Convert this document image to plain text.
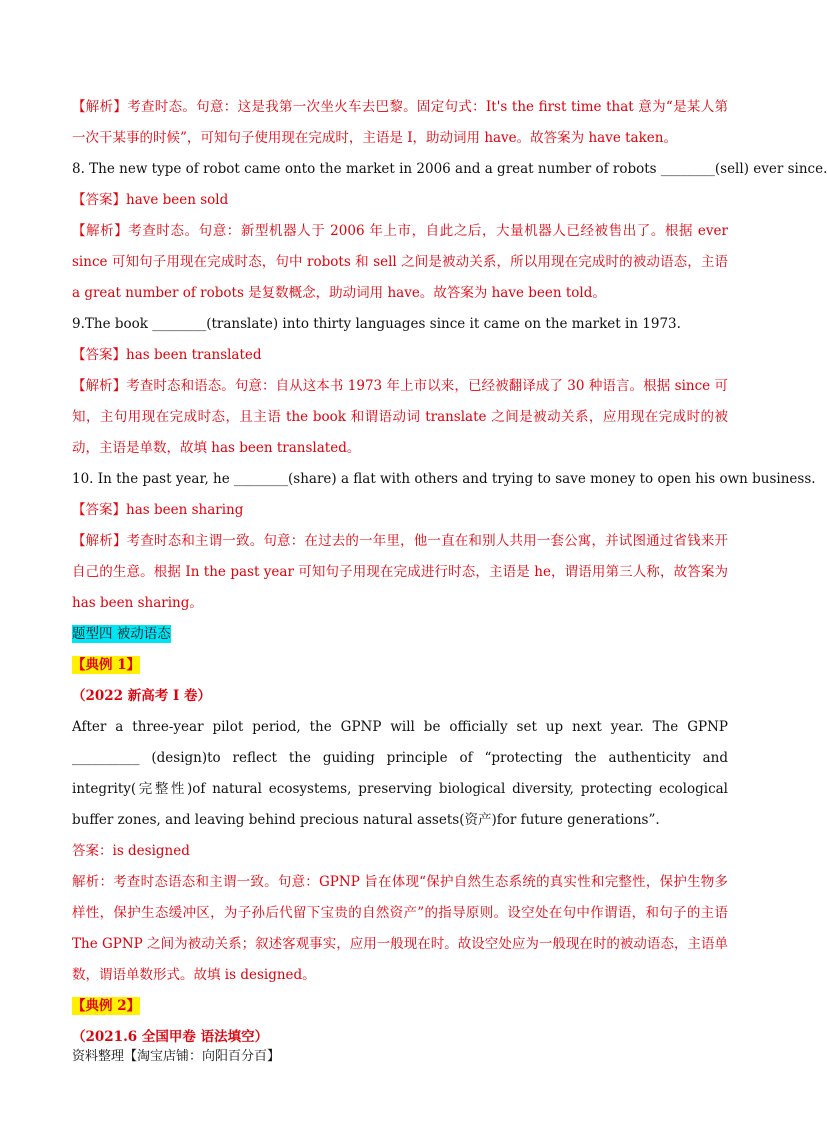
【解析】考查时态。句意：这是我第一次坐火车去巴黎。固定句式：It's the first time that 意为“是某人第一次干某事的时候”，可知句子使用现在完成时，主语是 I，助动词用 have。故答案为 have taken。
8. The new type of robot came onto the market in 2006 and a great number of robots ________(sell) ever since.
【答案】have been sold
【解析】考查时态。句意：新型机器人于 2006 年上市，自此之后，大量机器人已经被售出了。根据 ever since 可知句子用现在完成时态，句中 robots 和 sell 之间是被动关系，所以用现在完成时的被动语态，主语 a great number of robots 是复数概念，助动词用 have。故答案为 have been told。
9.The book ________(translate) into thirty languages since it came on the market in 1973.
【答案】has been translated
【解析】考查时态和语态。句意：自从这本书 1973 年上市以来，已经被翻译成了 30 种语言。根据 since 可知，主句用现在完成时态，且主语 the book 和谓语动词 translate 之间是被动关系，应用现在完成时的被动，主语是单数，故填 has been translated。
10. In the past year, he ________(share) a flat with others and trying to save money to open his own business.
【答案】has been sharing
【解析】考查时态和主谓一致。句意：在过去的一年里，他一直在和别人共用一套公寓，并试图通过省钱来开自己的生意。根据 In the past year 可知句子用现在完成进行时态，主语是 he，谓语用第三人称，故答案为 has been sharing。
题型四 被动语态
【典例 1】
（2022 新高考 I 卷）
After a three-year pilot period, the GPNP will be officially set up next year. The GPNP __________ (design)to reflect the guiding principle of “protecting the authenticity and integrity(完整性)of natural ecosystems, preserving biological diversity, protecting ecological buffer zones, and leaving behind precious natural assets(资产)for future generations”.
答案：is designed
解析：考查时态语态和主谓一致。句意：GPNP 旨在体现“保护自然生态系统的真实性和完整性，保护生物多样性，保护生态缓冲区，为子孙后代留下宝贵的自然资产”的指导原则。设空处在句中作谓语，和句子的主语 The GPNP 之间为被动关系；叙述客观事实，应用一般现在时。故设空处应为一般现在时的被动语态，主语单数，谓语单数形式。故填 is designed。
【典例 2】
（2021.6 全国甲卷 语法填空）
资料整理【淘宝店铺：向阳百分百】
